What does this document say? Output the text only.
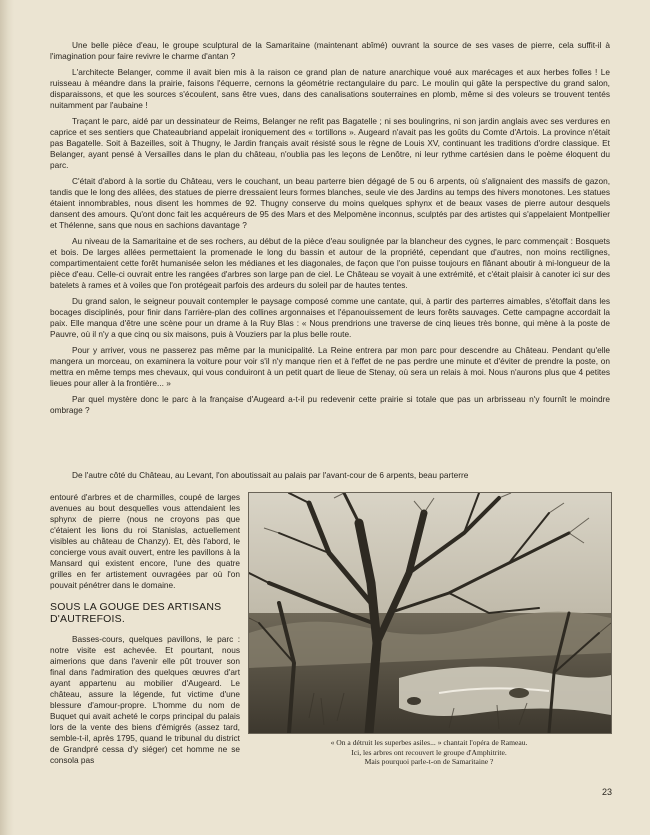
Une belle pièce d'eau, le groupe sculptural de la Samaritaine (maintenant abîmé) ouvrant la source de ses vases de pierre, cela suffit-il à l'imagination pour faire revivre le charme d'antan ?

L'architecte Belanger, comme il avait bien mis à la raison ce grand plan de nature anarchique voué aux marécages et aux herbes folles ! Le ruisseau à méandre dans la prairie, faisons l'équerre, cernons la géométrie rectangulaire du parc. Le moulin qui gâte la perspective du grand salon, disparaissons, et que les sources s'écoulent, sans être vues, dans des canalisations souterraines en plomb, même si des voleurs se trouvent tentés nuitamment par l'aubaine !

Traçant le parc, aidé par un dessinateur de Reims, Belanger ne refit pas Bagatelle ; ni ses boulingrins, ni son jardin anglais avec ses verdures en caprice et ses sentiers que Chateaubriand appelait ironiquement des « tortillons ». Augeard n'avait pas les goûts du Comte d'Artois. La province n'était pas Bagatelle. Soit à Bazeilles, soit à Thugny, le Jardin français avait résisté sous le règne de Louis XV, continuant les traditions d'ordre classique. Et Belanger, ayant pensé à Versailles dans le plan du château, n'oublia pas les leçons de Lenôtre, ni leur rythme cartésien dans le poème éloquent du parc.

C'était d'abord à la sortie du Château, vers le couchant, un beau parterre bien dégagé de 5 ou 6 arpents, où s'alignaient des massifs de gazon, tandis que le long des allées, des statues de pierre dressaient leurs formes blanches, seule vie des Jardins au temps des hivers monotones. Les statues étaient innombrables, nous disent les hommes de 92. Thugny conserve du moins quelques sphynx et de beaux vases de pierre autour desquels dansent des amours. Qu'ont donc fait les acquéreurs de 95 des Mars et des Melpomène inconnus, sculptés par des artistes qui s'appelaient Montpellier et Thélenne, sans que nous en sachions davantage ?

Au niveau de la Samaritaine et de ses rochers, au début de la pièce d'eau soulignée par la blancheur des cygnes, le parc commençait : Bosquets et bois. De larges allées permettaient la promenade le long du bassin et autour de la propriété, cependant que d'autres, non moins rectilignes, compartimentaient cette forêt humanisée selon les médianes et les diagonales, de façon que l'on puisse toujours en flânant aboutir à mi-longueur de la pièce d'eau. Celle-ci ouvrait entre les rangées d'arbres son large pan de ciel. Le Château se voyait à une extrémité, et c'était plaisir à canoter ici sur des batelets à rames et à voiles que l'on protégeait parfois des ardeurs du soleil par de hautes tentes.

Du grand salon, le seigneur pouvait contempler le paysage composé comme une cantate, qui, à partir des parterres aimables, s'étoffait dans les bocages disciplinés, pour finir dans l'arrière-plan des collines argonnaises et l'épanouissement de leurs forêts sauvages. Cette campagne accordait la paix. Elle manqua d'être une scène pour un drame à la Ruy Blas : « Nous prendrions une traverse de cinq lieues très bonne, qui mène à la poste de Pauvre, où il n'y a que cinq ou six maisons, puis à Vouziers par la plus belle route.

Pour y arriver, vous ne passerez pas même par la municipalité. La Reine entrera par mon parc pour descendre au Château. Pendant qu'elle mangera un morceau, on examinera la voiture pour voir s'il n'y manque rien et à l'effet de ne pas perdre une minute et d'éviter de prendre la poste, on mettra en même temps mes chevaux, qui vous conduiront à un petit quart de lieue de Stenay, où sera un relais à moi. Nous n'aurons plus que 4 petites lieues pour aller à la frontière... »

Par quel mystère donc le parc à la française d'Augeard a-t-il pu redevenir cette prairie si totale que pas un arbrisseau n'y fournît le moindre ombrage ?

De l'autre côté du Château, au Levant, l'on aboutissait au palais par l'avant-cour de 6 arpents, beau parterre

entouré d'arbres et de charmilles, coupé de larges avenues au bout desquelles vous attendaient les sphynx de pierre (nous ne croyons pas que c'étaient les lions du roi Stanislas, actuellement visibles au château de Chanzy). Et, dès l'abord, le concierge vous avait ouvert, entre les pavillons à la Mansard qui existent encore, l'une des quatre grilles en fer artistement ouvragées par où l'on pouvait pénétrer dans le domaine.

SOUS LA GOUGE DES ARTISANS
D'AUTREFOIS.

Basses-cours, quelques pavillons, le parc : notre visite est achevée. Et pourtant, nous aimerions que dans l'avenir elle pût trouver son final dans l'admiration des quelques œuvres d'art ayant appartenu au mobilier d'Augeard. Le château, assure la légende, fut victime d'une blessure d'amour-propre. L'homme du nom de Buquet qui avait acheté le corps principal du palais lors de la vente des biens d'émigrés (assez tard, semble-t-il, après 1795, quand le tribunal du district de Grandpré cessa d'y siéger) cet homme ne se consola pas

« On a détruit les superbes asiles... » chantait l'opéra de Rameau.
Ici, les arbres ont recouvert le groupe d'Amphitrite.
Mais pourquoi parle-t-on de Samaritaine ?
23
